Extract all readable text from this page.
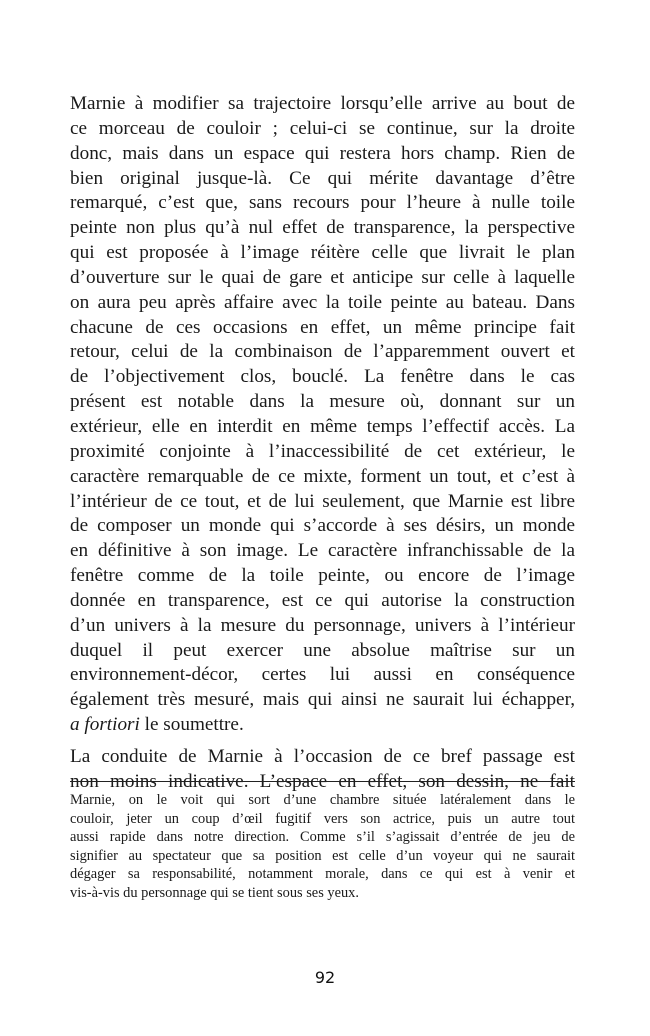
Marnie à modifier sa trajectoire lorsqu’elle arrive au bout de
ce morceau de couloir ; celui-ci se continue, sur la droite
donc, mais dans un espace qui restera hors champ. Rien de
bien original jusque-là. Ce qui mérite davantage d’être
remarqué, c’est que, sans recours pour l’heure à nulle toile
peinte non plus qu’à nul effet de transparence, la perspective
qui est proposée à l’image réitère celle que livrait le plan
d’ouverture sur le quai de gare et anticipe sur celle à laquelle
on aura peu après affaire avec la toile peinte au bateau. Dans
chacune de ces occasions en effet, un même principe fait
retour, celui de la combinaison de l’apparemment ouvert et
de l’objectivement clos, bouclé. La fenêtre dans le cas
présent est notable dans la mesure où, donnant sur un
extérieur, elle en interdit en même temps l’effectif accès. La
proximité conjointe à l’inaccessibilité de cet extérieur, le
caractère remarquable de ce mixte, forment un tout, et c’est à
l’intérieur de ce tout, et de lui seulement, que Marnie est libre
de composer un monde qui s’accorde à ses désirs, un monde
en définitive à son image. Le caractère infranchissable de la
fenêtre comme de la toile peinte, ou encore de l’image
donnée en transparence, est ce qui autorise la construction
d’un univers à la mesure du personnage, univers à l’intérieur
duquel il peut exercer une absolue maîtrise sur un
environnement-décor, certes lui aussi en conséquence
également très mesuré, mais qui ainsi ne saurait lui échapper,
a fortiori le soumettre.
La conduite de Marnie à l’occasion de ce bref passage est
non moins indicative. L’espace en effet, son dessin, ne fait
Marnie, on le voit qui sort d’une chambre située latéralement dans le
couloir, jeter un coup d’œil fugitif vers son actrice, puis un autre tout
aussi rapide dans notre direction. Comme s’il s’agissait d’entrée de jeu de
signifier au spectateur que sa position est celle d’un voyeur qui ne saurait
dégager sa responsabilité, notamment morale, dans ce qui est à venir et
vis-à-vis du personnage qui se tient sous ses yeux.
92
